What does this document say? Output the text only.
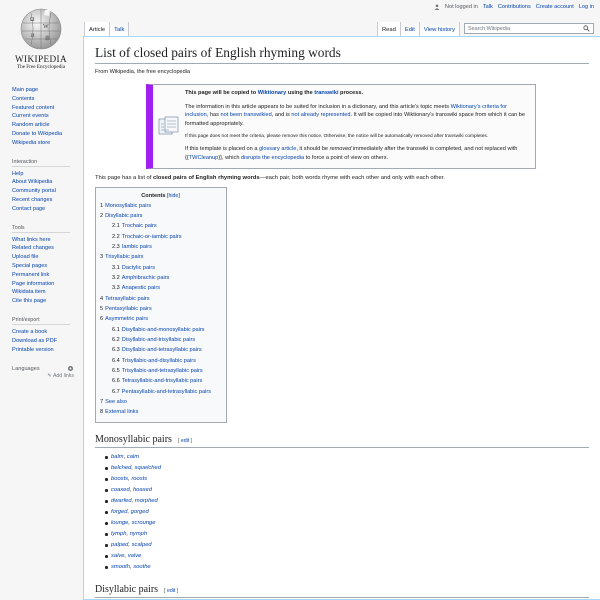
Not logged in Talk Contributions Create account Log in
Ω
W
И
維
WIKIPEDIA
The Free Encyclopedia
Main page
Contents
Featured content
Current events
Random article
Donate to Wikipedia
Wikipedia store
Interaction
Help
About Wikipedia
Community portal
Recent changes
Contact page
Tools
What links here
Related changes
Upload file
Special pages
Permanent link
Page information
Wikidata item
Cite this page
Print/export
Create a book
Download as PDF
Printable version
Languages
✎ Add links
Article Talk	Read Edit View history Search Wikipedia
List of closed pairs of English rhyming words
From Wikipedia, the free encyclopedia

This page will be copied to Wiktionary using the transwiki process.

The information in this article appears to be suited for inclusion in a dictionary, and this article's topic meets Wiktionary's criteria for inclusion, has not been transwikied, and is not already represented. It will be copied into Wiktionary's transwiki space from which it can be formatted appropriately.

If this page does not meet the criteria, please remove this notice. Otherwise, the notice will be automatically removed after transwiki completes.

If this template is placed on a glossary article, it should be removed immediately after the transwiki is completed, and not replaced with {{TWCleanup}}, which disrupts the encyclopedia to force a point of view on others.

This page has a list of closed pairs of English rhyming words—each pair, both words rhyme with each other and only with each other.

Contents [hide]
1 Monosyllabic pairs
2 Disyllabic pairs
2.1 Trochaic pairs
2.2 Trochaic-or-iambic pairs
2.3 Iambic pairs
3 Trisyllabic pairs
3.1 Dactylic pairs
3.2 Amphibrachic pairs
3.3 Anapestic pairs
4 Tetrasyllabic pairs
5 Pentasyllabic pairs
6 Asymmetric pairs
6.1 Disyllabic-and-monosyllabic pairs
6.2 Disyllabic-and-trisyllabic pairs
6.3 Disyllabic-and-tetrasyllabic pairs
6.4 Trisyllabic-and-disyllabic pairs
6.5 Trisyllabic-and-tetrasyllabic pairs
6.6 Tetrasyllabic-and-trisyllabic pairs
6.7 Pentasyllabic-and-tetrasyllabic pairs
7 See also
8 External links
Monosyllabic pairs [ edit ]
balm, calm
belched, squelched
boosts, roosts
coaxed, hoaxed
dwarfed, morphed
forged, gorged
lounge, scrounge
lymph, nymph
palped, scalped
salve, valve
smooth, soothe
Disyllabic pairs [ edit ]
